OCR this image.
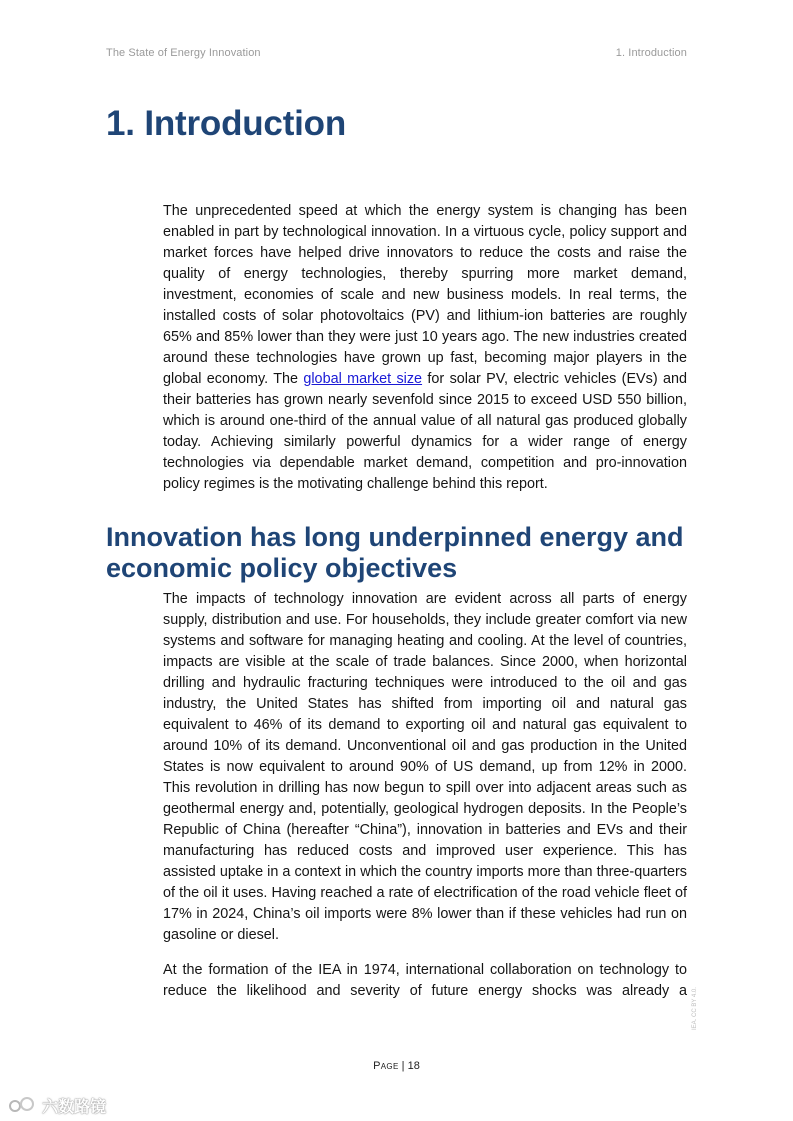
The State of Energy Innovation	1. Introduction
1. Introduction

The unprecedented speed at which the energy system is changing has been enabled in part by technological innovation. In a virtuous cycle, policy support and market forces have helped drive innovators to reduce the costs and raise the quality of energy technologies, thereby spurring more market demand, investment, economies of scale and new business models. In real terms, the installed costs of solar photovoltaics (PV) and lithium-ion batteries are roughly 65% and 85% lower than they were just 10 years ago. The new industries created around these technologies have grown up fast, becoming major players in the global economy. The global market size for solar PV, electric vehicles (EVs) and their batteries has grown nearly sevenfold since 2015 to exceed USD 550 billion, which is around one-third of the annual value of all natural gas produced globally today. Achieving similarly powerful dynamics for a wider range of energy technologies via dependable market demand, competition and pro-innovation policy regimes is the motivating challenge behind this report.

Innovation has long underpinned energy and economic policy objectives

The impacts of technology innovation are evident across all parts of energy supply, distribution and use. For households, they include greater comfort via new systems and software for managing heating and cooling. At the level of countries, impacts are visible at the scale of trade balances. Since 2000, when horizontal drilling and hydraulic fracturing techniques were introduced to the oil and gas industry, the United States has shifted from importing oil and natural gas equivalent to 46% of its demand to exporting oil and natural gas equivalent to around 10% of its demand. Unconventional oil and gas production in the United States is now equivalent to around 90% of US demand, up from 12% in 2000. This revolution in drilling has now begun to spill over into adjacent areas such as geothermal energy and, potentially, geological hydrogen deposits. In the People’s Republic of China (hereafter “China”), innovation in batteries and EVs and their manufacturing has reduced costs and improved user experience. This has assisted uptake in a context in which the country imports more than three-quarters of the oil it uses. Having reached a rate of electrification of the road vehicle fleet of 17% in 2024, China’s oil imports were 8% lower than if these vehicles had run on gasoline or diesel.

At the formation of the IEA in 1974, international collaboration on technology to reduce the likelihood and severity of future energy shocks was already a

Page | 18
IEA. CC BY 4.0.
六数路镜
